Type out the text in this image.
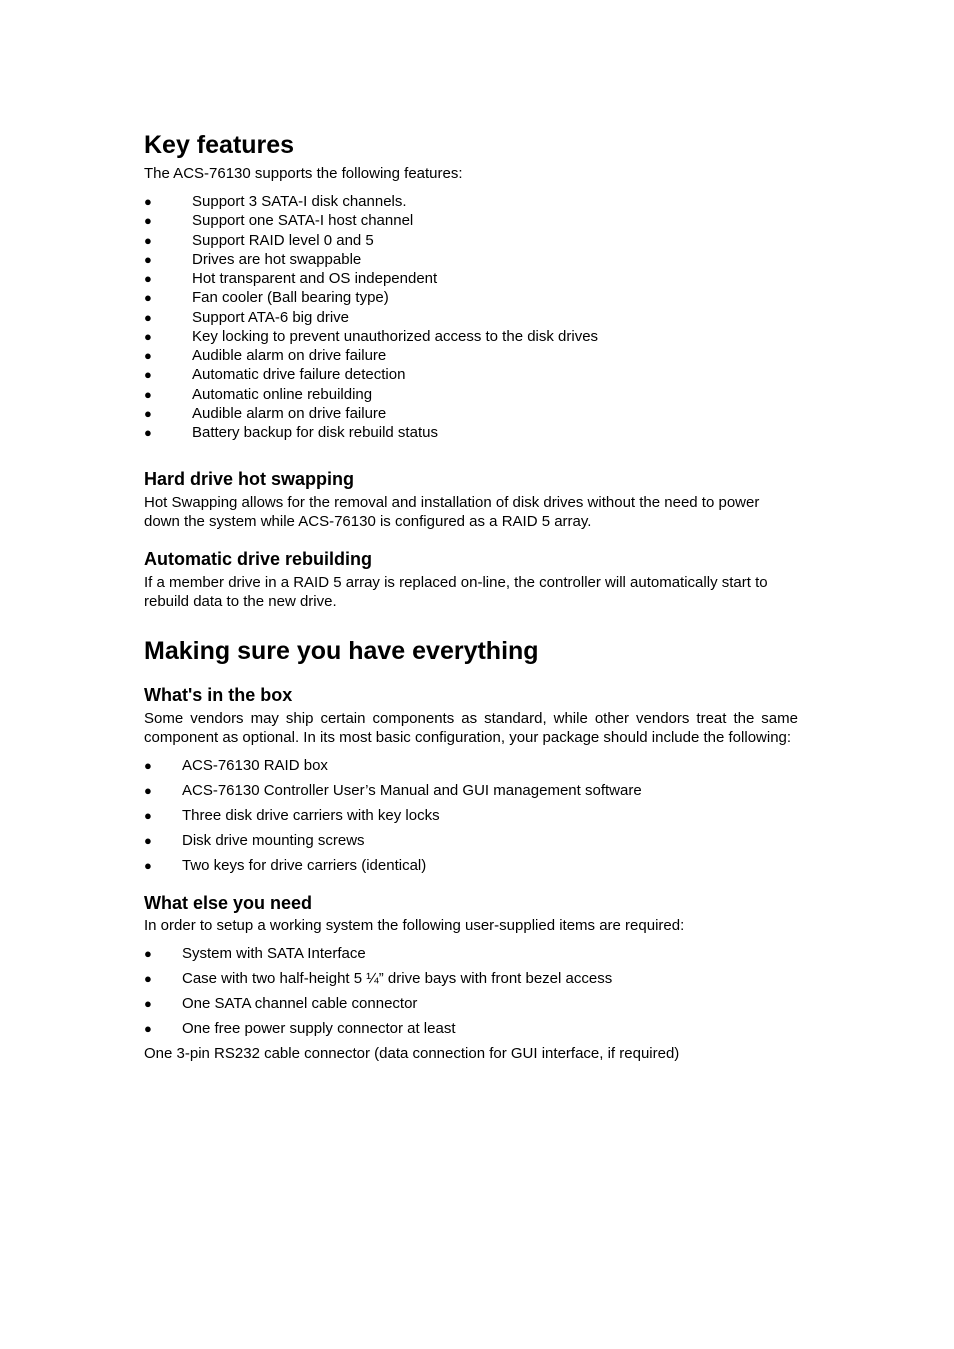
Key features

The ACS-76130 supports the following features:

●	Support 3 SATA-I disk channels.
●	Support one SATA-I host channel
●	Support RAID level 0 and 5
●	Drives are hot swappable
●	Hot transparent and OS independent
●	Fan cooler (Ball bearing type)
●	Support ATA-6 big drive
●	Key locking to prevent unauthorized access to the disk drives
●	Audible alarm on drive failure
●	Automatic drive failure detection
●	Automatic online rebuilding
●	Audible alarm on drive failure
●	Battery backup for disk rebuild status
Hard drive hot swapping

Hot Swapping allows for the removal and installation of disk drives without the need to power down the system while ACS-76130 is configured as a RAID 5 array.

Automatic drive rebuilding

If a member drive in a RAID 5 array is replaced on-line, the controller will automatically start to rebuild data to the new drive.

Making sure you have everything
What's in the box

Some vendors may ship certain components as standard, while other vendors treat the same component as optional. In its most basic configuration, your package should include the following:

● ACS-76130 RAID box
● ACS-76130 Controller User’s Manual and GUI management software
● Three disk drive carriers with key locks
● Disk drive mounting screws
● Two keys for drive carriers (identical)
What else you need

In order to setup a working system the following user-supplied items are required:

● System with SATA Interface
● Case with two half-height 5 ¼” drive bays with front bezel access
● One SATA channel cable connector
● One free power supply connector at least

One 3-pin RS232 cable connector (data connection for GUI interface, if required)
